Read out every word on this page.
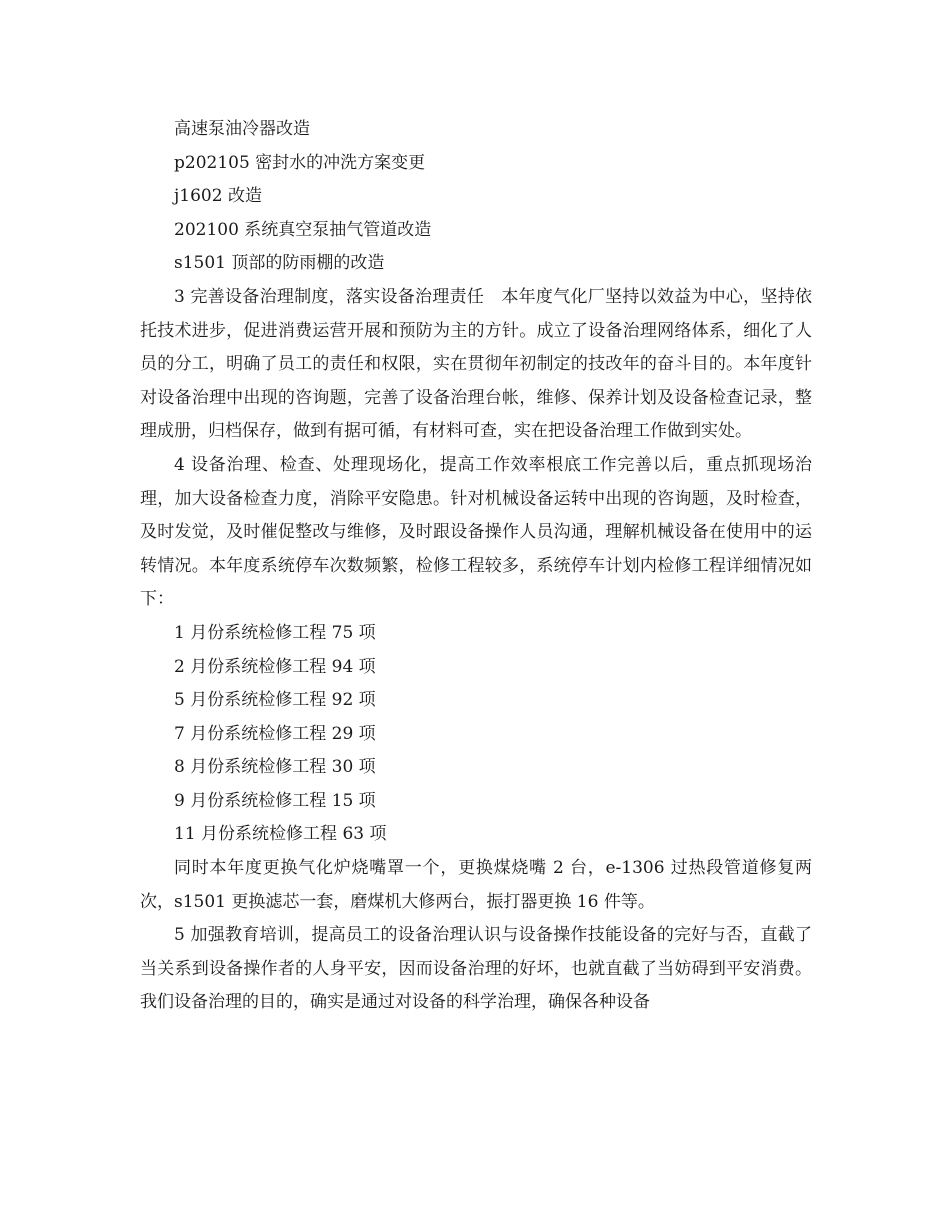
高速泵油冷器改造

p202105 密封水的冲洗方案变更

j1602 改造

202100 系统真空泵抽气管道改造

s1501 顶部的防雨棚的改造

3 完善设备治理制度，落实设备治理责任　本年度气化厂坚持以效益为中心，坚持依托技术进步，促进消费运营开展和预防为主的方针。成立了设备治理网络体系，细化了人员的分工，明确了员工的责任和权限，实在贯彻年初制定的技改年的奋斗目的。本年度针对设备治理中出现的咨询题，完善了设备治理台帐，维修、保养计划及设备检查记录，整理成册，归档保存，做到有据可循，有材料可查，实在把设备治理工作做到实处。

4 设备治理、检查、处理现场化，提高工作效率根底工作完善以后，重点抓现场治理，加大设备检查力度，消除平安隐患。针对机械设备运转中出现的咨询题，及时检查，及时发觉，及时催促整改与维修，及时跟设备操作人员沟通，理解机械设备在使用中的运转情况。本年度系统停车次数频繁，检修工程较多，系统停车计划内检修工程详细情况如下：

1 月份系统检修工程 75 项

2 月份系统检修工程 94 项

5 月份系统检修工程 92 项

7 月份系统检修工程 29 项

8 月份系统检修工程 30 项

9 月份系统检修工程 15 项

11 月份系统检修工程 63 项

同时本年度更换气化炉烧嘴罩一个，更换煤烧嘴 2 台，e-1306 过热段管道修复两次，s1501 更换滤芯一套，磨煤机大修两台，振打器更换 16 件等。

5 加强教育培训，提高员工的设备治理认识与设备操作技能设备的完好与否，直截了当关系到设备操作者的人身平安，因而设备治理的好坏，也就直截了当妨碍到平安消费。我们设备治理的目的，确实是通过对设备的科学治理，确保各种设备
